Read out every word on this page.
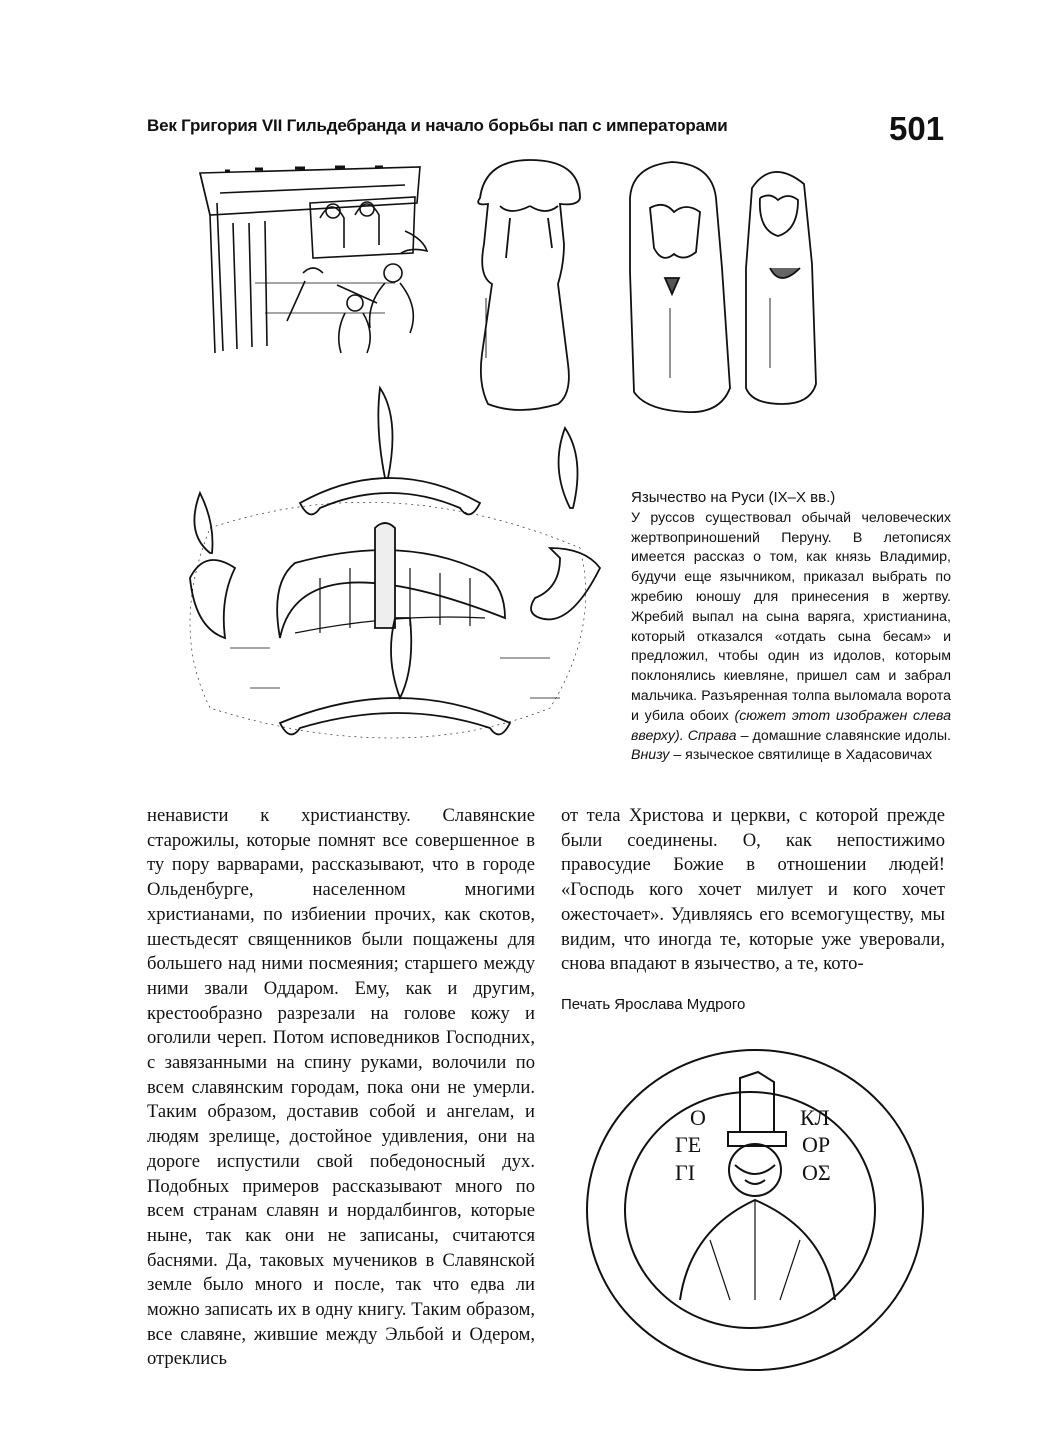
Век Григория VII Гильдебранда и начало борьбы пап с императорами	501
Язычество на Руси (IX–X вв.)
У руссов существовал обычай человеческих жертвоприношений Перуну. В летописях имеется рассказ о том, как князь Владимир, будучи еще язычником, приказал выбрать по жребию юношу для принесения в жертву. Жребий выпал на сына варяга, христианина, который отказался «отдать сына бесам» и предложил, чтобы один из идолов, которым поклонялись киевляне, пришел сам и забрал мальчика. Разъяренная толпа выломала ворота и убила обоих (сюжет этот изображен слева вверху). Справа – домашние славянские идолы. Внизу – языческое святилище в Хадасовичах
ненависти к христианству. Славянские старожилы, которые помнят все совершенное в ту пору варварами, рассказывают, что в городе Ольденбурге, населенном многими христианами, по избиении прочих, как скотов, шестьдесят священников были пощажены для большего над ними посмеяния; старшего между ними звали Оддаром. Ему, как и другим, крестообразно разрезали на голове кожу и оголили череп. Потом исповедников Господних, с завязанными на спину руками, волочили по всем славянским городам, пока они не умерли. Таким образом, доставив собой и ангелам, и людям зрелище, достойное удивления, они на дороге испустили свой победоносный дух. Подобных примеров рассказывают много по всем странам славян и нордалбингов, которые ныне, так как они не записаны, считаются баснями. Да, таковых мучеников в Славянской земле было много и после, так что едва ли можно записать их в одну книгу. Таким образом, все славяне, жившие между Эльбой и Одером, отреклись
от тела Христова и церкви, с которой прежде были соединены. О, как непостижимо правосудие Божие в отношении людей! «Господь кого хочет милует и кого хочет ожесточает». Удивляясь его всемогуществу, мы видим, что иногда те, которые уже уверовали, снова впадают в язычество, а те, кото-
Печать Ярослава Мудрого
О	КЛ
ГЕ	ΟΡ
ΓΙ	ΟΣ
